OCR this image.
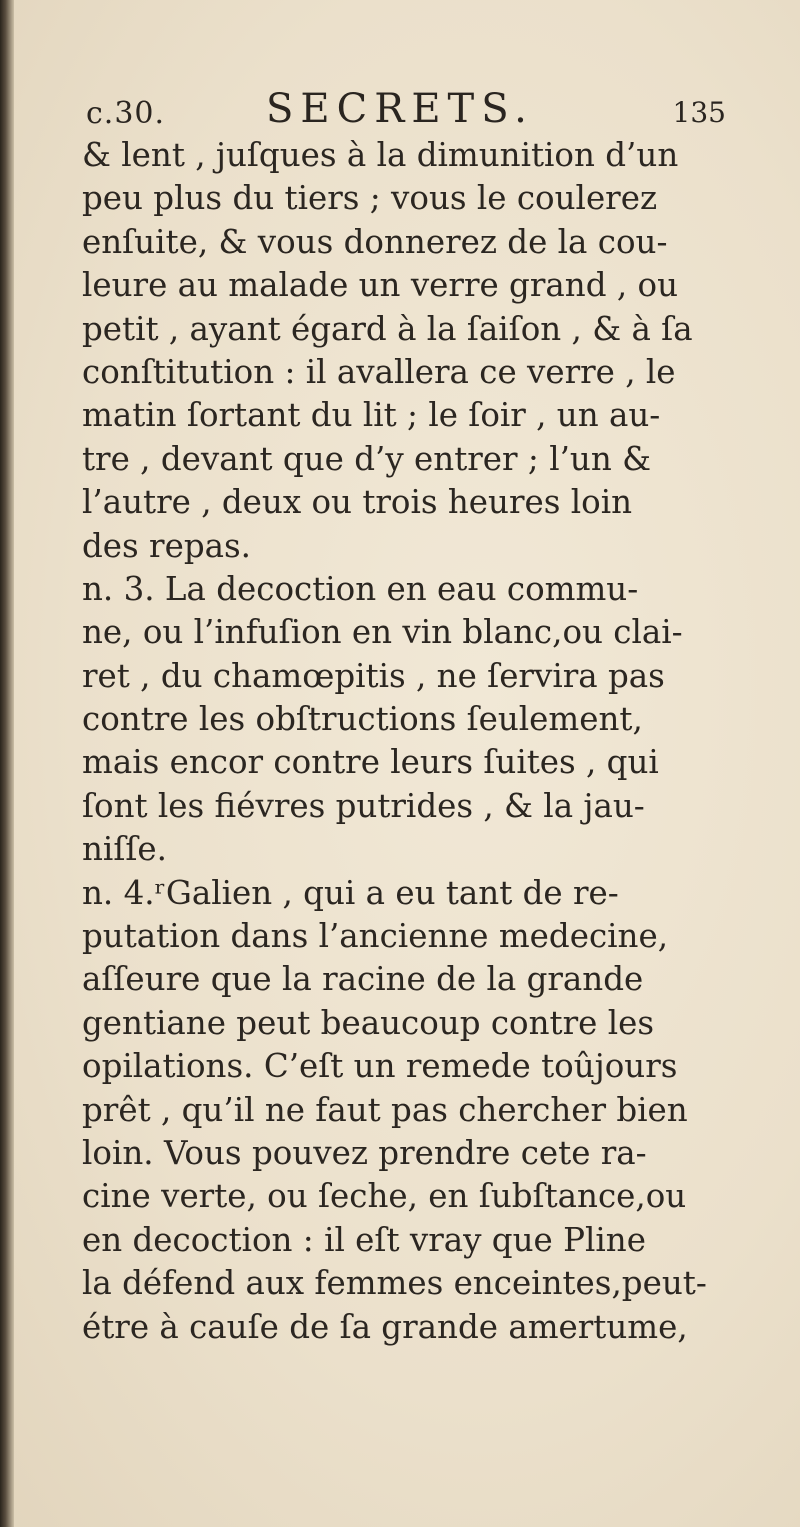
c.30.	SECRETS.	135
& lent , juſques à la dimunition d’un
peu plus du tiers ; vous le coulerez
enſuite, & vous donnerez de la cou-
leure au malade un verre grand , ou
petit , ayant égard à la ſaiſon , & à ſa
conſtitution : il avallera ce verre , le
matin ſortant du lit ; le ſoir , un au-
tre , devant que d’y entrer ; l’un &
l’autre , deux ou trois heures loin
des repas.
n. 3. La decoction en eau commu-
ne, ou l’infuſion en vin blanc,ou clai-
ret , du chamœpitis , ne ſervira pas
contre les obſtructions ſeulement,
mais encor contre leurs ſuites , qui
ſont les fiévres putrides , & la jau-
niſſe.
n. 4.ʳGalien , qui a eu tant de re-
putation dans l’ancienne medecine,
aſſeure que la racine de la grande
gentiane peut beaucoup contre les
opilations. C’eſt un remede toûjours
prêt , qu’il ne faut pas chercher bien
loin. Vous pouvez prendre cete ra-
cine verte, ou ſeche, en ſubſtance,ou
en decoction : il eſt vray que Pline
la défend aux femmes enceintes,peut-
étre à cauſe de ſa grande amertume,
